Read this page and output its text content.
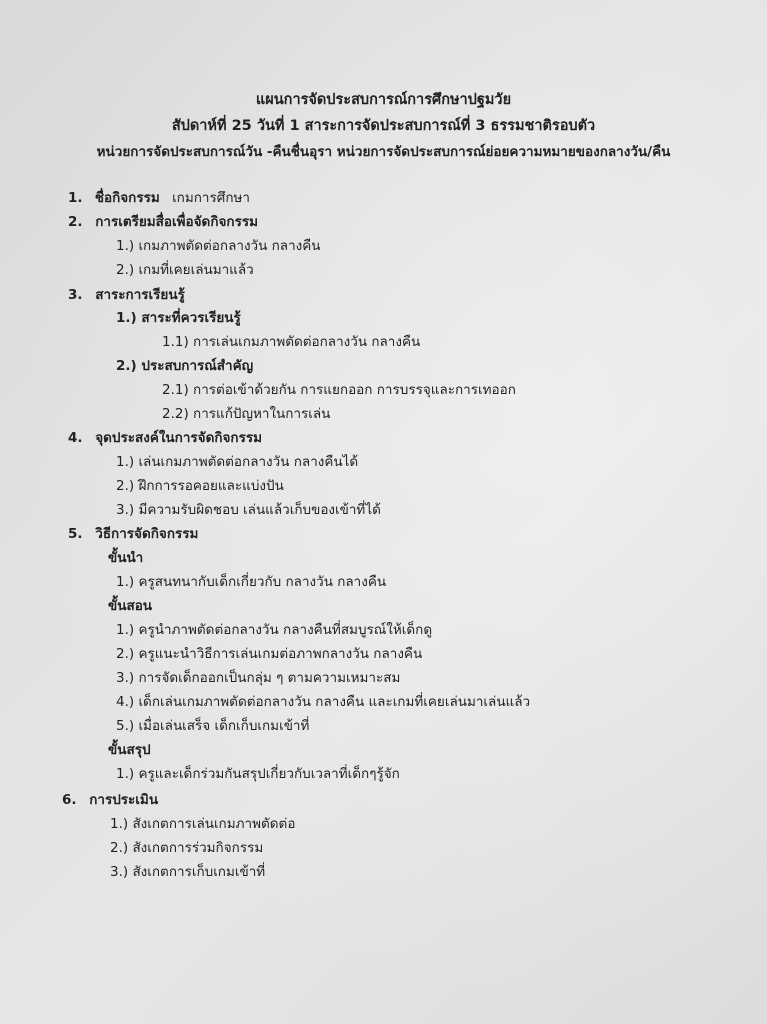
แผนการจัดประสบการณ์การศึกษาปฐมวัย
สัปดาห์ที่ 25 วันที่ 1 สาระการจัดประสบการณ์ที่ 3 ธรรมชาติรอบตัว
หน่วยการจัดประสบการณ์วัน -คืนชื่นอุรา หน่วยการจัดประสบการณ์ย่อยความหมายของกลางวัน/คืน
1. ชื่อกิจกรรม เกมการศึกษา
2. การเตรียมสื่อเพื่อจัดกิจกรรม
1.) เกมภาพตัดต่อกลางวัน กลางคืน
2.) เกมที่เคยเล่นมาแล้ว
3. สาระการเรียนรู้
1.) สาระที่ควรเรียนรู้
1.1) การเล่นเกมภาพตัดต่อกลางวัน กลางคืน
2.) ประสบการณ์สำคัญ
2.1) การต่อเข้าด้วยกัน การแยกออก การบรรจุและการเทออก
2.2) การแก้ปัญหาในการเล่น
4. จุดประสงค์ในการจัดกิจกรรม
1.) เล่นเกมภาพตัดต่อกลางวัน กลางคืนได้
2.) ฝึกการรอคอยและแบ่งปัน
3.) มีความรับผิดชอบ เล่นแล้วเก็บของเข้าที่ได้
5. วิธีการจัดกิจกรรม
ขั้นนำ
1.) ครูสนทนากับเด็กเกี่ยวกับ กลางวัน กลางคืน
ขั้นสอน
1.) ครูนำภาพตัดต่อกลางวัน กลางคืนที่สมบูรณ์ให้เด็กดู
2.) ครูแนะนำวิธีการเล่นเกมต่อภาพกลางวัน กลางคืน
3.) การจัดเด็กออกเป็นกลุ่ม ๆ ตามความเหมาะสม
4.) เด็กเล่นเกมภาพตัดต่อกลางวัน กลางคืน และเกมที่เคยเล่นมาเล่นแล้ว
5.) เมื่อเล่นเสร็จ เด็กเก็บเกมเข้าที่
ขั้นสรุป
1.) ครูและเด็กร่วมกันสรุปเกี่ยวกับเวลาที่เด็กๆรู้จัก
6. การประเมิน
1.) สังเกตการเล่นเกมภาพตัดต่อ
2.) สังเกตการร่วมกิจกรรม
3.) สังเกตการเก็บเกมเข้าที่
